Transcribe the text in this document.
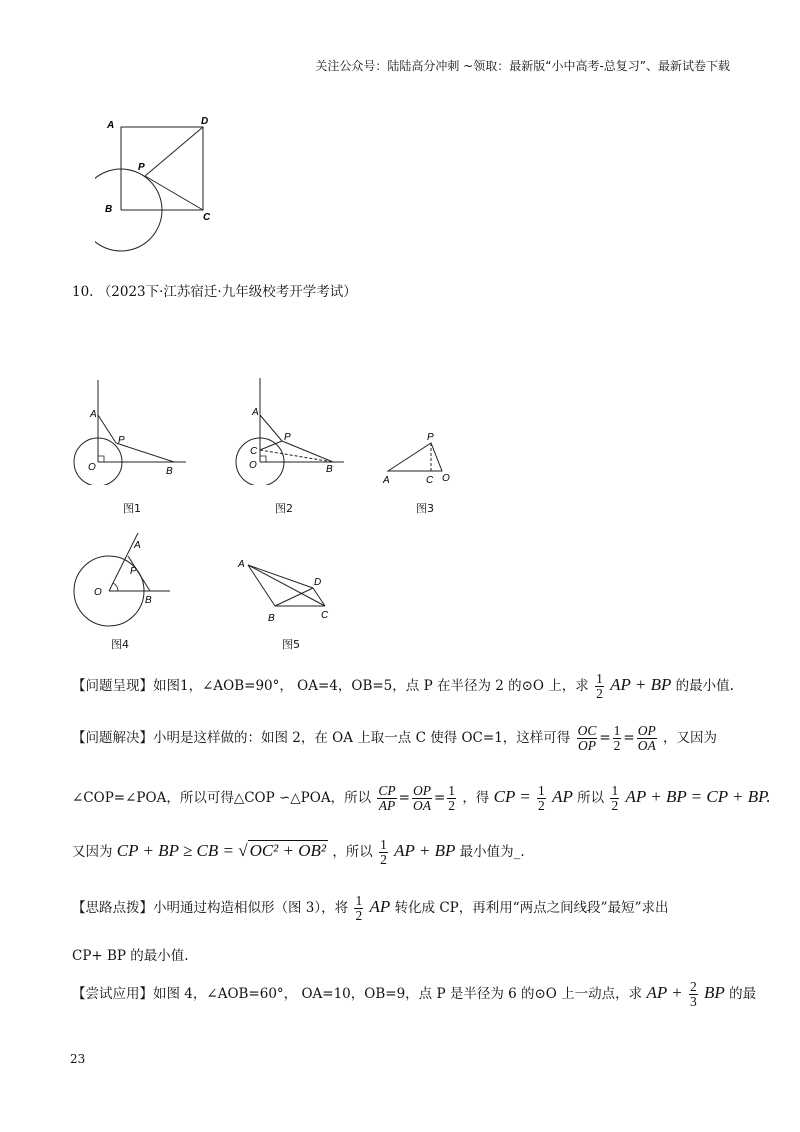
关注公众号：陆陆高分冲刺 ~领取：最新版“小中高考-总复习”、最新试卷下载
A	D
P
B
C
10. （2023下·江苏宿迁·九年级校考开学考试）
A
P
O	B
图1
A
P
C
O	B
图2
P
A	C O
图3
A
P
O
B
图4
A
D
B	C
图5
【问题呈现】如图1，∠AOB=90°， OA=4，OB=5，点 P 在半径为 2 的⊙O 上，求 $\frac{1}{2}$ AP + BP 的最小值.
【问题解决】小明是这样做的：如图 2，在 OA 上取一点 C 使得 OC=1，这样可得 $\frac{OC}{OP} = \frac{1}{2} = \frac{OP}{OA}$ ，又因为
∠COP=∠POA，所以可得△COP ∽△POA，所以 $\frac{CP}{AP} = \frac{OP}{OA} = \frac{1}{2}$ ，得 CP = $\frac{1}{2}$ AP 所以 $\frac{1}{2}$ AP + BP = CP + BP.
又因为 CP + BP ≥ CB = √ OC² + OB² ，所以 $\frac{1}{2}$ AP + BP 最小值为_.
【思路点拨】小明通过构造相似形（图 3），将 $\frac{1}{2}$ AP 转化成 CP，再利用“两点之间线段”最短”求出
CP+ BP 的最小值.
【尝试应用】如图 4，∠AOB=60°， OA=10，OB=9，点 P 是半径为 6 的⊙O 上一动点，求 AP + $\frac{2}{3}$ BP 的最
23
